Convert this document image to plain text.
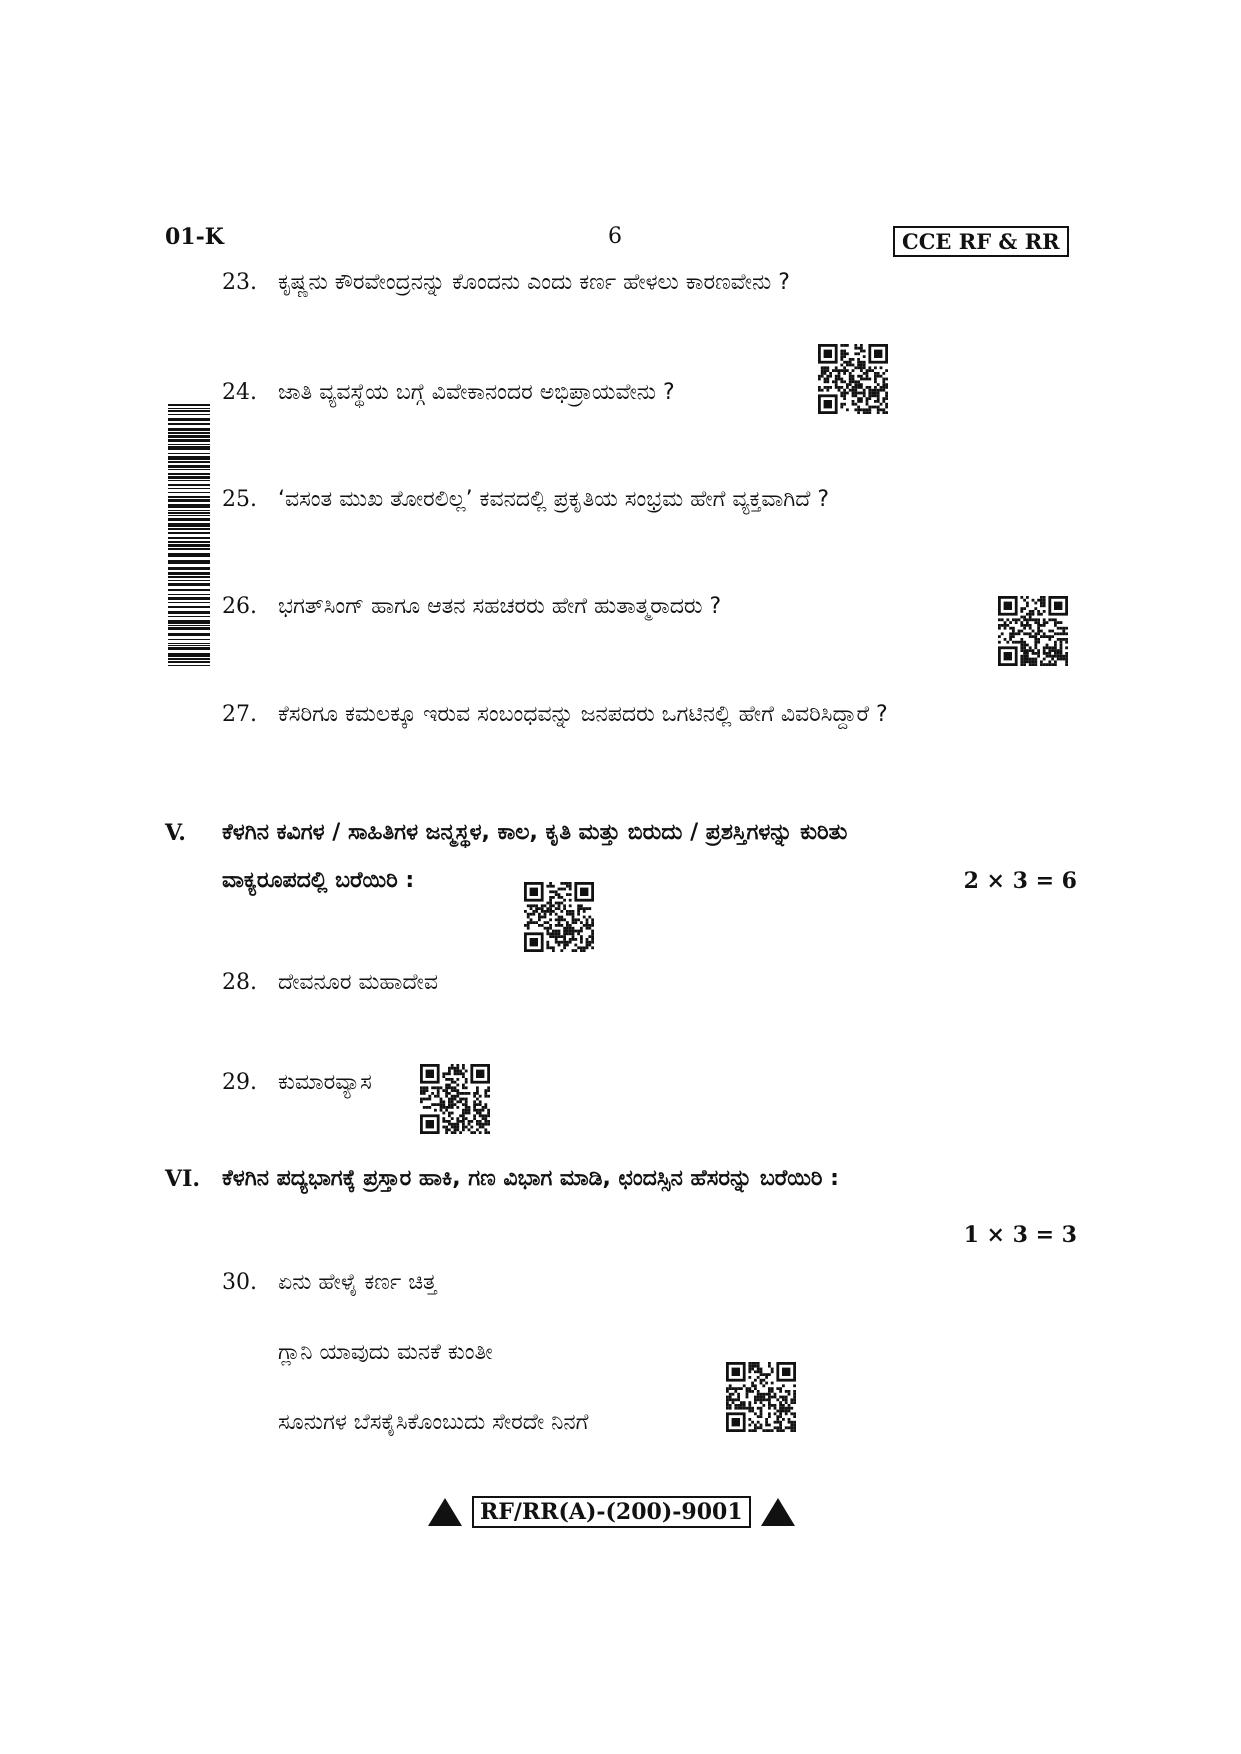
01-K	6	CCE RF & RR
23. ಕೃಷ್ಣನು ಕೌರವೇಂದ್ರನನ್ನು ಕೊಂದನು ಎಂದು ಕರ್ಣ ಹೇಳಲು ಕಾರಣವೇನು ?
24. ಜಾತಿ ವ್ಯವಸ್ಥೆಯ ಬಗ್ಗೆ ವಿವೇಕಾನಂದರ ಅಭಿಪ್ರಾಯವೇನು ?
25. ‘ವಸಂತ ಮುಖ ತೋರಲಿಲ್ಲ’ ಕವನದಲ್ಲಿ ಪ್ರಕೃತಿಯ ಸಂಭ್ರಮ ಹೇಗೆ ವ್ಯಕ್ತವಾಗಿದೆ ?
26. ಭಗತ್‌ಸಿಂಗ್ ಹಾಗೂ ಆತನ ಸಹಚರರು ಹೇಗೆ ಹುತಾತ್ಮರಾದರು ?
27. ಕೆಸರಿಗೂ ಕಮಲಕ್ಕೂ ಇರುವ ಸಂಬಂಧವನ್ನು ಜನಪದರು ಒಗಟಿನಲ್ಲಿ ಹೇಗೆ ವಿವರಿಸಿದ್ದಾರೆ ?
V. ಕೆಳಗಿನ ಕವಿಗಳ / ಸಾಹಿತಿಗಳ ಜನ್ಮಸ್ಥಳ, ಕಾಲ, ಕೃತಿ ಮತ್ತು ಬಿರುದು / ಪ್ರಶಸ್ತಿಗಳನ್ನು ಕುರಿತು
ವಾಕ್ಯರೂಪದಲ್ಲಿ ಬರೆಯಿರಿ :	2 × 3 = 6
28. ದೇವನೂರ ಮಹಾದೇವ
29. ಕುಮಾರವ್ಯಾಸ
VI. ಕೆಳಗಿನ ಪದ್ಯಭಾಗಕ್ಕೆ ಪ್ರಸ್ತಾರ ಹಾಕಿ, ಗಣ ವಿಭಾಗ ಮಾಡಿ, ಛಂದಸ್ಸಿನ ಹೆಸರನ್ನು ಬರೆಯಿರಿ :
1 × 3 = 3
30. ಏನು ಹೇಳೈ ಕರ್ಣ ಚಿತ್ತ
ಗ್ಲಾನಿ ಯಾವುದು ಮನಕೆ ಕುಂತೀ
ಸೂನುಗಳ ಬೆಸಕೈಸಿಕೊಂಬುದು ಸೇರದೇ ನಿನಗೆ
RF/RR(A)-(200)-9001
